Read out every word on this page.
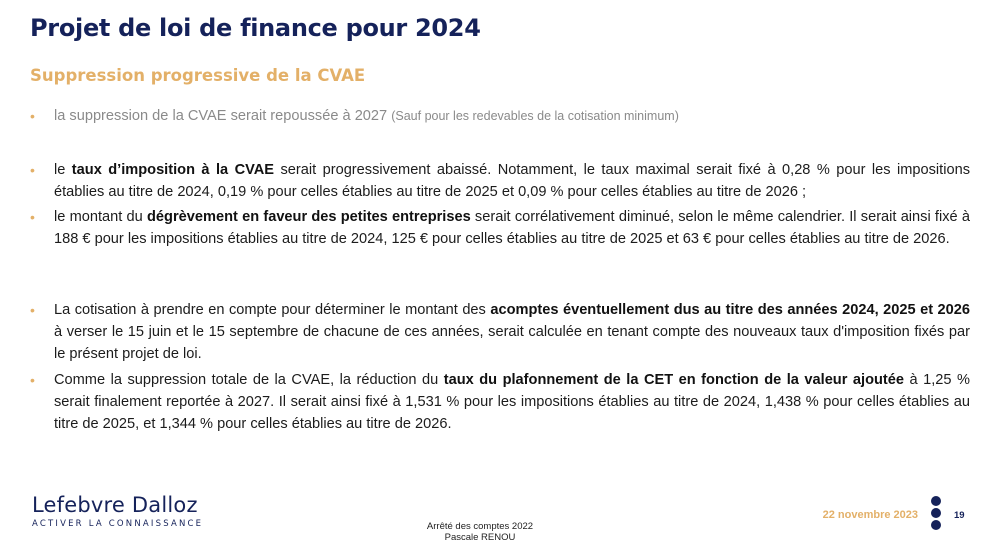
Projet de loi de finance pour 2024
Suppression progressive de la CVAE
•	la suppression de la CVAE serait repoussée à 2027 (Sauf pour les redevables de la cotisation minimum)
•	le taux d’imposition à la CVAE serait progressivement abaissé. Notamment, le taux maximal serait fixé à 0,28 % pour les impositions établies au titre de 2024, 0,19 % pour celles établies au titre de 2025 et 0,09 % pour celles établies au titre de 2026 ;
•	le montant du dégrèvement en faveur des petites entreprises serait corrélativement diminué, selon le même calendrier. Il serait ainsi fixé à 188 € pour les impositions établies au titre de 2024, 125 € pour celles établies au titre de 2025 et 63 € pour celles établies au titre de 2026.
•	La cotisation à prendre en compte pour déterminer le montant des acomptes éventuellement dus au titre des années 2024, 2025 et 2026 à verser le 15 juin et le 15 septembre de chacune de ces années, serait calculée en tenant compte des nouveaux taux d'imposition fixés par le présent projet de loi.
•	Comme la suppression totale de la CVAE, la réduction du taux du plafonnement de la CET en fonction de la valeur ajoutée à 1,25 % serait finalement reportée à 2027. Il serait ainsi fixé à 1,531 % pour les impositions établies au titre de 2024, 1,438 % pour celles établies au titre de 2025, et 1,344 % pour celles établies au titre de 2026.
Lefebvre Dalloz
ACTIVER LA CONNAISSANCE	Arrêté des comptes 2022
Pascale RENOU
22 novembre 2023	19
